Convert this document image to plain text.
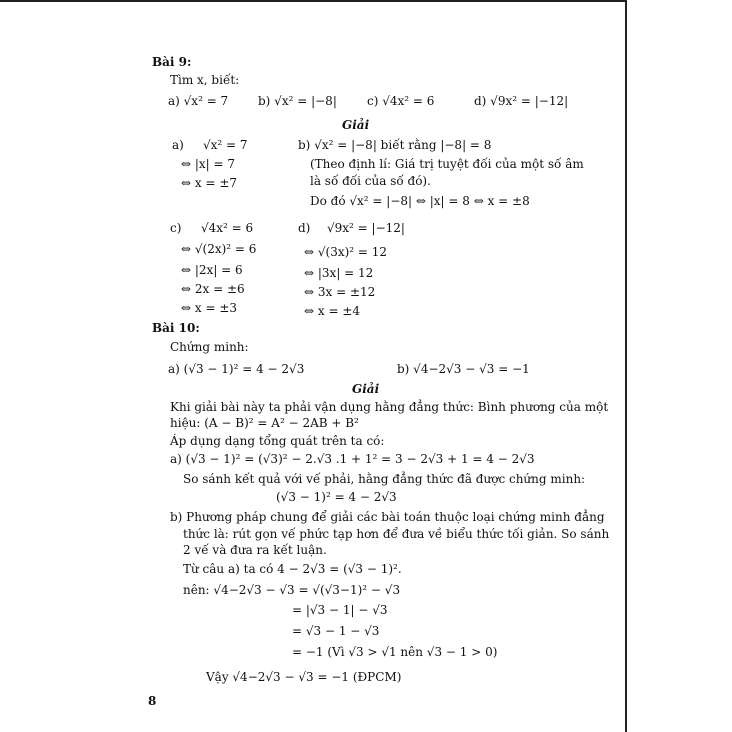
Bài 9:
Tìm x, biết:
a) √x² = 7 b) √x² = |−8|	c) √4x² = 6	d) √9x² = |−12|
Giải
a) √x² = 7	b) √x² = |−8| biết rằng |−8| = 8
⇔ |x| = 7	(Theo định lí: Giá trị tuyệt đối của một số âm
⇔ x = ±7	là số đối của số đó).
Do đó √x² = |−8| ⇔ |x| = 8 ⇔ x = ±8
c) √4x² = 6	d) √9x² = |−12|
⇔ √(2x)² = 6	⇔ √(3x)² = 12
⇔ |2x| = 6	⇔ |3x| = 12
⇔ 2x = ±6	⇔ 3x = ±12
⇔ x = ±3	⇔ x = ±4
Bài 10:
Chứng minh:
a) (√3 − 1)² = 4 − 2√3	b) √4−2√3 − √3 = −1
Giải
Khi giải bài này ta phải vận dụng hằng đẳng thức: Bình phương của một
hiệu: (A − B)² = A² − 2AB + B²
Áp dụng dạng tổng quát trên ta có:
a) (√3 − 1)² = (√3)² − 2.√3 .1 + 1² = 3 − 2√3 + 1 = 4 − 2√3
So sánh kết quả với vế phải, hằng đẳng thức đã được chứng minh:
(√3 − 1)² = 4 − 2√3
b) Phương pháp chung để giải các bài toán thuộc loại chứng minh đẳng
thức là: rút gọn vế phức tạp hơn để đưa về biểu thức tối giản. So sánh
2 vế và đưa ra kết luận.
Từ câu a) ta có 4 − 2√3 = (√3 − 1)².
nên: √4−2√3 − √3 = √(√3−1)² − √3
= |√3 − 1| − √3
= √3 − 1 − √3
= −1 (Vì √3 > √1 nên √3 − 1 > 0)
Vậy √4−2√3 − √3 = −1 (ĐPCM)
8
